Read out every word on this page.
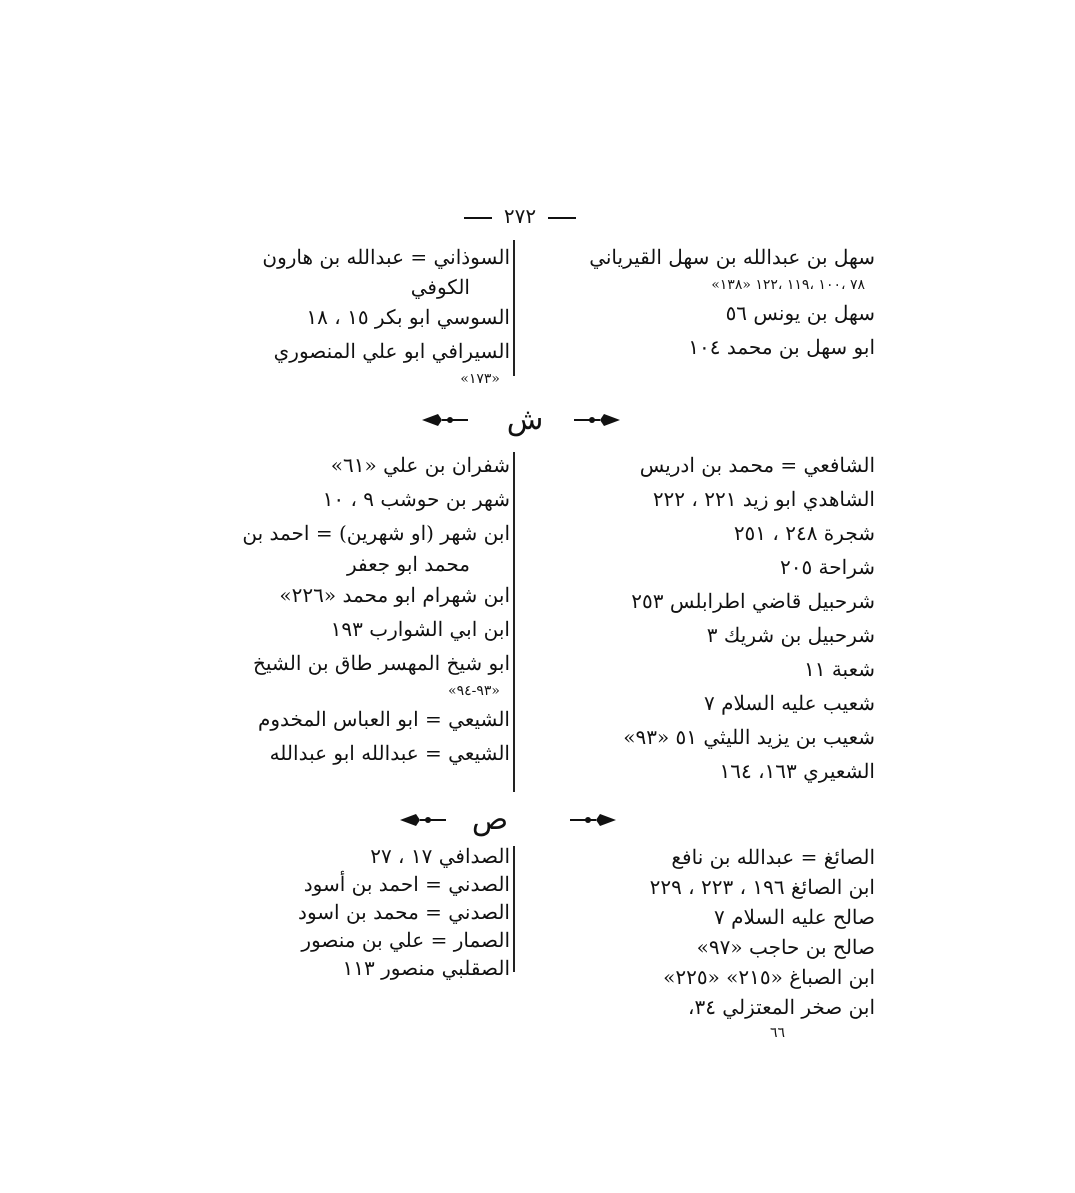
٢٧٢
سهل بن عبدالله بن سهل القيرياني
٧٨ ،١٠٠ ،١١٩ ،١٢٢ «١٣٨»
سهل بن يونس ٥٦
ابو سهل بن محمد ١٠٤
السوذاني = عبدالله بن هارون
الكوفي
السوسي ابو بكر ١٥ ، ١٨
السيرافي ابو علي المنصوري
«١٧٣»
ش
الشافعي = محمد بن ادريس
الشاهدي ابو زيد ٢٢١ ، ٢٢٢
شجرة ٢٤٨ ، ٢٥١
شراحة ٢٠٥
شرحبيل قاضي اطرابلس ٢٥٣
شرحبيل بن شريك ٣
شعبة ١١
شعيب عليه السلام ٧
شعيب بن يزيد الليثي ٥١ «٩٣»
الشعيري ١٦٣، ١٦٤
شفران بن علي «٦١»
شهر بن حوشب ٩ ، ١٠
ابن شهر (او شهرين) = احمد بن
محمد ابو جعفر
ابن شهرام ابو محمد «٢٢٦»
ابن ابي الشوارب ١٩٣
ابو شيخ المهسر طاق بن الشيخ
«٩٣-٩٤»
الشيعي = ابو العباس المخدوم
الشيعي = عبدالله ابو عبدالله
ص
الصائغ = عبدالله بن نافع
ابن الصائغ ١٩٦ ، ٢٢٣ ، ٢٢٩
صالح عليه السلام ٧
صالح بن حاجب «٩٧»
ابن الصباغ «٢١٥» «٢٢٥»
ابن صخر المعتزلي ٣٤،
٦٦
الصدافي ١٧ ، ٢٧
الصدني = احمد بن أسود
الصدني = محمد بن اسود
الصمار = علي بن منصور
الصقلبي منصور ١١٣
